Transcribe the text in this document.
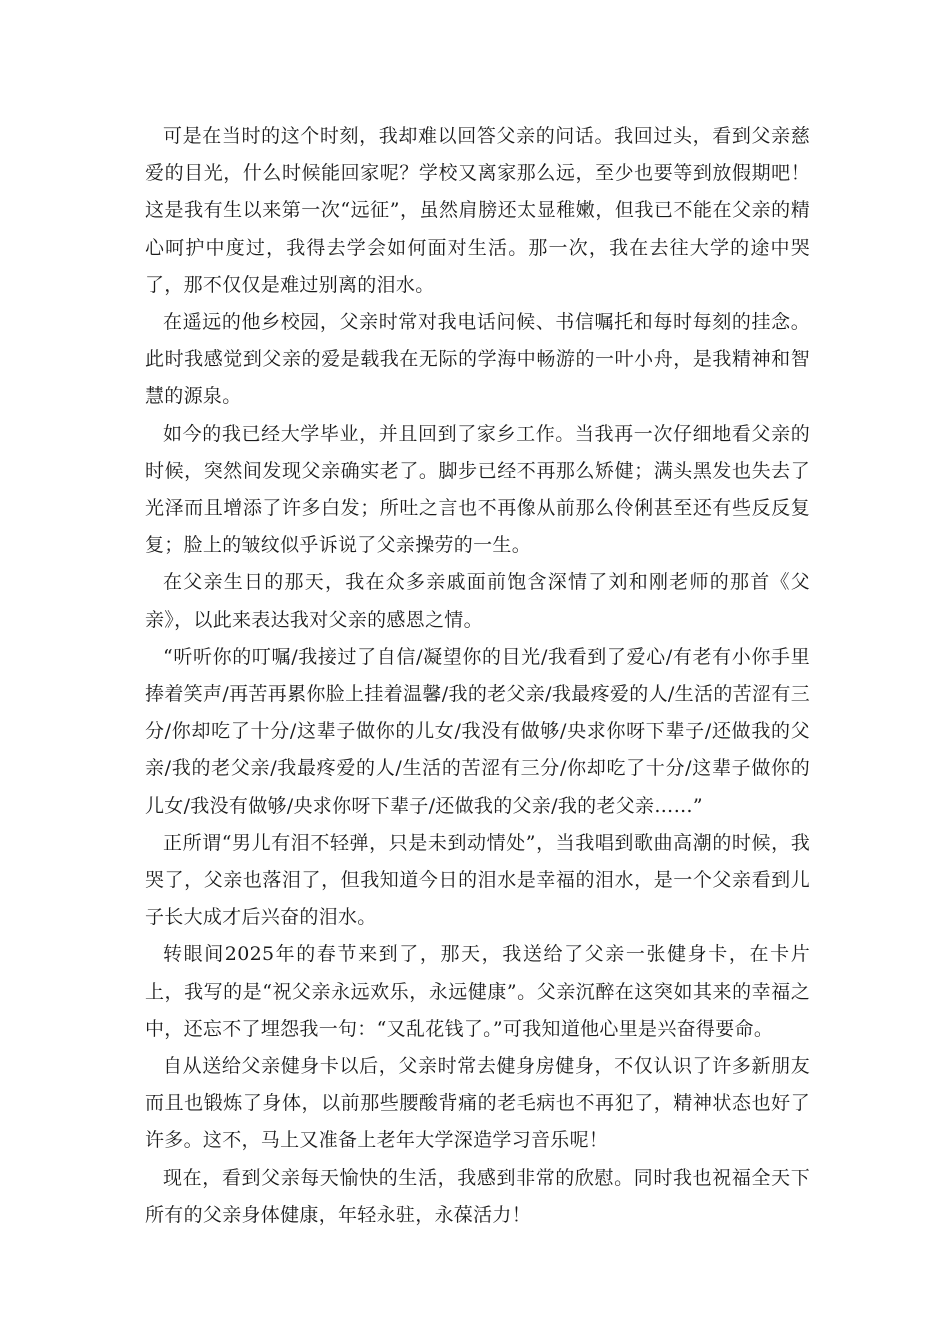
可是在当时的这个时刻，我却难以回答父亲的问话。我回过头，看到父亲慈爱的目光，什么时候能回家呢？学校又离家那么远，至少也要等到放假期吧！这是我有生以来第一次“远征”，虽然肩膀还太显稚嫩，但我已不能在父亲的精心呵护中度过，我得去学会如何面对生活。那一次，我在去往大学的途中哭了，那不仅仅是难过别离的泪水。

在遥远的他乡校园，父亲时常对我电话问候、书信嘱托和每时每刻的挂念。此时我感觉到父亲的爱是载我在无际的学海中畅游的一叶小舟，是我精神和智慧的源泉。

如今的我已经大学毕业，并且回到了家乡工作。当我再一次仔细地看父亲的时候，突然间发现父亲确实老了。脚步已经不再那么矫健；满头黑发也失去了光泽而且增添了许多白发；所吐之言也不再像从前那么伶俐甚至还有些反反复复；脸上的皱纹似乎诉说了父亲操劳的一生。

在父亲生日的那天，我在众多亲戚面前饱含深情了刘和刚老师的那首《父亲》，以此来表达我对父亲的感恩之情。

“听听你的叮嘱/我接过了自信/凝望你的目光/我看到了爱心/有老有小你手里捧着笑声/再苦再累你脸上挂着温馨/我的老父亲/我最疼爱的人/生活的苦涩有三分/你却吃了十分/这辈子做你的儿女/我没有做够/央求你呀下辈子/还做我的父亲/我的老父亲/我最疼爱的人/生活的苦涩有三分/你却吃了十分/这辈子做你的儿女/我没有做够/央求你呀下辈子/还做我的父亲/我的老父亲……”

正所谓“男儿有泪不轻弹，只是未到动情处”，当我唱到歌曲高潮的时候，我哭了，父亲也落泪了，但我知道今日的泪水是幸福的泪水，是一个父亲看到儿子长大成才后兴奋的泪水。

转眼间2025年的春节来到了，那天，我送给了父亲一张健身卡，在卡片上，我写的是“祝父亲永远欢乐，永远健康”。父亲沉醉在这突如其来的幸福之中，还忘不了埋怨我一句：“又乱花钱了。”可我知道他心里是兴奋得要命。

自从送给父亲健身卡以后，父亲时常去健身房健身，不仅认识了许多新朋友而且也锻炼了身体，以前那些腰酸背痛的老毛病也不再犯了，精神状态也好了许多。这不，马上又准备上老年大学深造学习音乐呢！

现在，看到父亲每天愉快的生活，我感到非常的欣慰。同时我也祝福全天下所有的父亲身体健康，年轻永驻，永葆活力！
